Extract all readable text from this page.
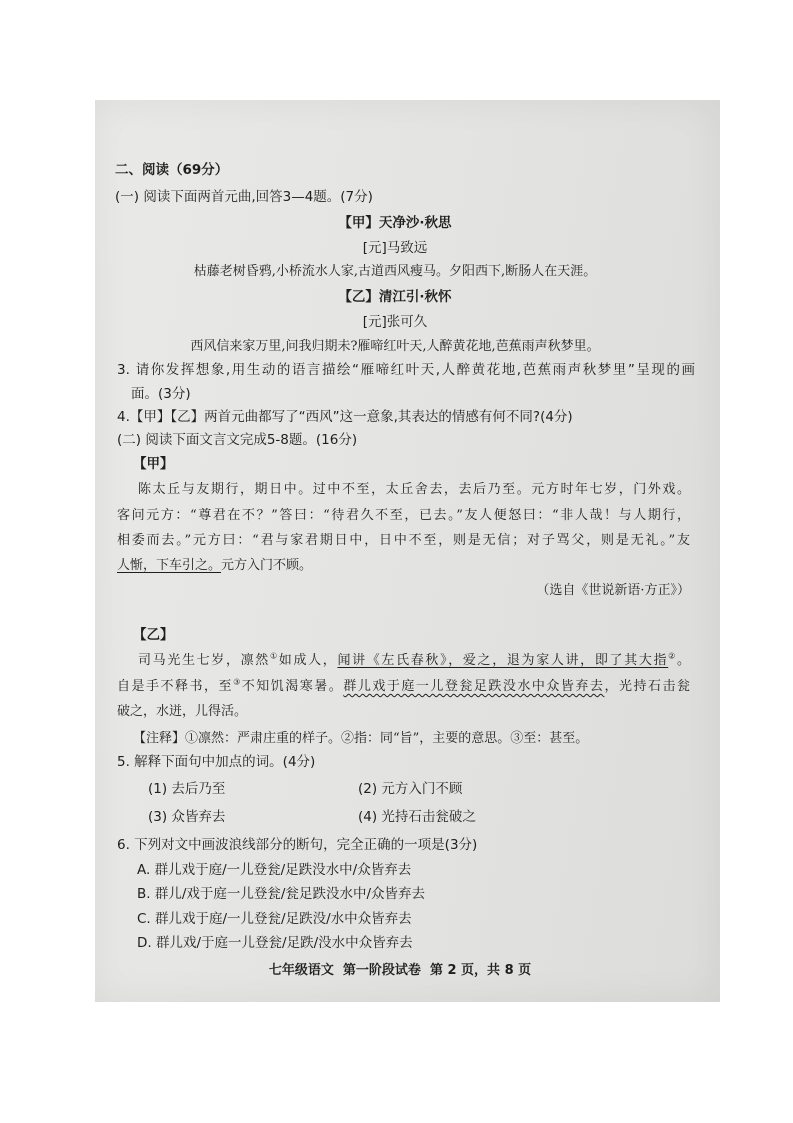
二、阅读（69分）
(一) 阅读下面两首元曲,回答3—4题。(7分)
【甲】天净沙·秋思
[元]马致远
枯藤老树昏鸦,小桥流水人家,古道西风瘦马。夕阳西下,断肠人在天涯。
【乙】清江引·秋怀
[元]张可久
西风信来家万里,问我归期未?雁啼红叶天,人醉黄花地,芭蕉雨声秋梦里。
3. 请你发挥想象,用生动的语言描绘“雁啼红叶天,人醉黄花地,芭蕉雨声秋梦里”呈现的画
面。(3分)
4.【甲】【乙】两首元曲都写了“西风”这一意象,其表达的情感有何不同?(4分)
(二) 阅读下面文言文完成5-8题。(16分)
【甲】
陈太丘与友期行，期日中。过中不至，太丘舍去，去后乃至。元方时年七岁，门外戏。
客问元方：“尊君在不？”答曰：“待君久不至，已去。”友人便怒曰：“非人哉！与人期行，
相委而去。”元方曰：“君与家君期日中，日中不至，则是无信；对子骂父，则是无礼。”友
人惭，下车引之。元方入门不顾。
（选自《世说新语·方正》）
【乙】
司马光生七岁，凛然①如成人，闻讲《左氏春秋》，爱之，退为家人讲，即了其大指②。
自是手不释书，至③不知饥渴寒暑。群儿戏于庭一儿登瓮足跌没水中众皆弃去，光持石击瓮
破之，水迸，儿得活。
【注释】①凛然：严肃庄重的样子。②指：同“旨”，主要的意思。③至：甚至。
5. 解释下面句中加点的词。(4分)
(1) 去后乃至	(2) 元方入门不顾
(3) 众皆弃去	(4) 光持石击瓮破之
6. 下列对文中画波浪线部分的断句，完全正确的一项是(3分)
A. 群儿戏于庭/一儿登瓮/足跌没水中/众皆弃去
B. 群儿/戏于庭一儿登瓮/瓮足跌没水中/众皆弃去
C. 群儿戏于庭/一儿登瓮/足跌没/水中众皆弃去
D. 群儿戏/于庭一儿登瓮/足跌/没水中众皆弃去
七年级语文  第一阶段试卷  第 2 页，共 8 页
